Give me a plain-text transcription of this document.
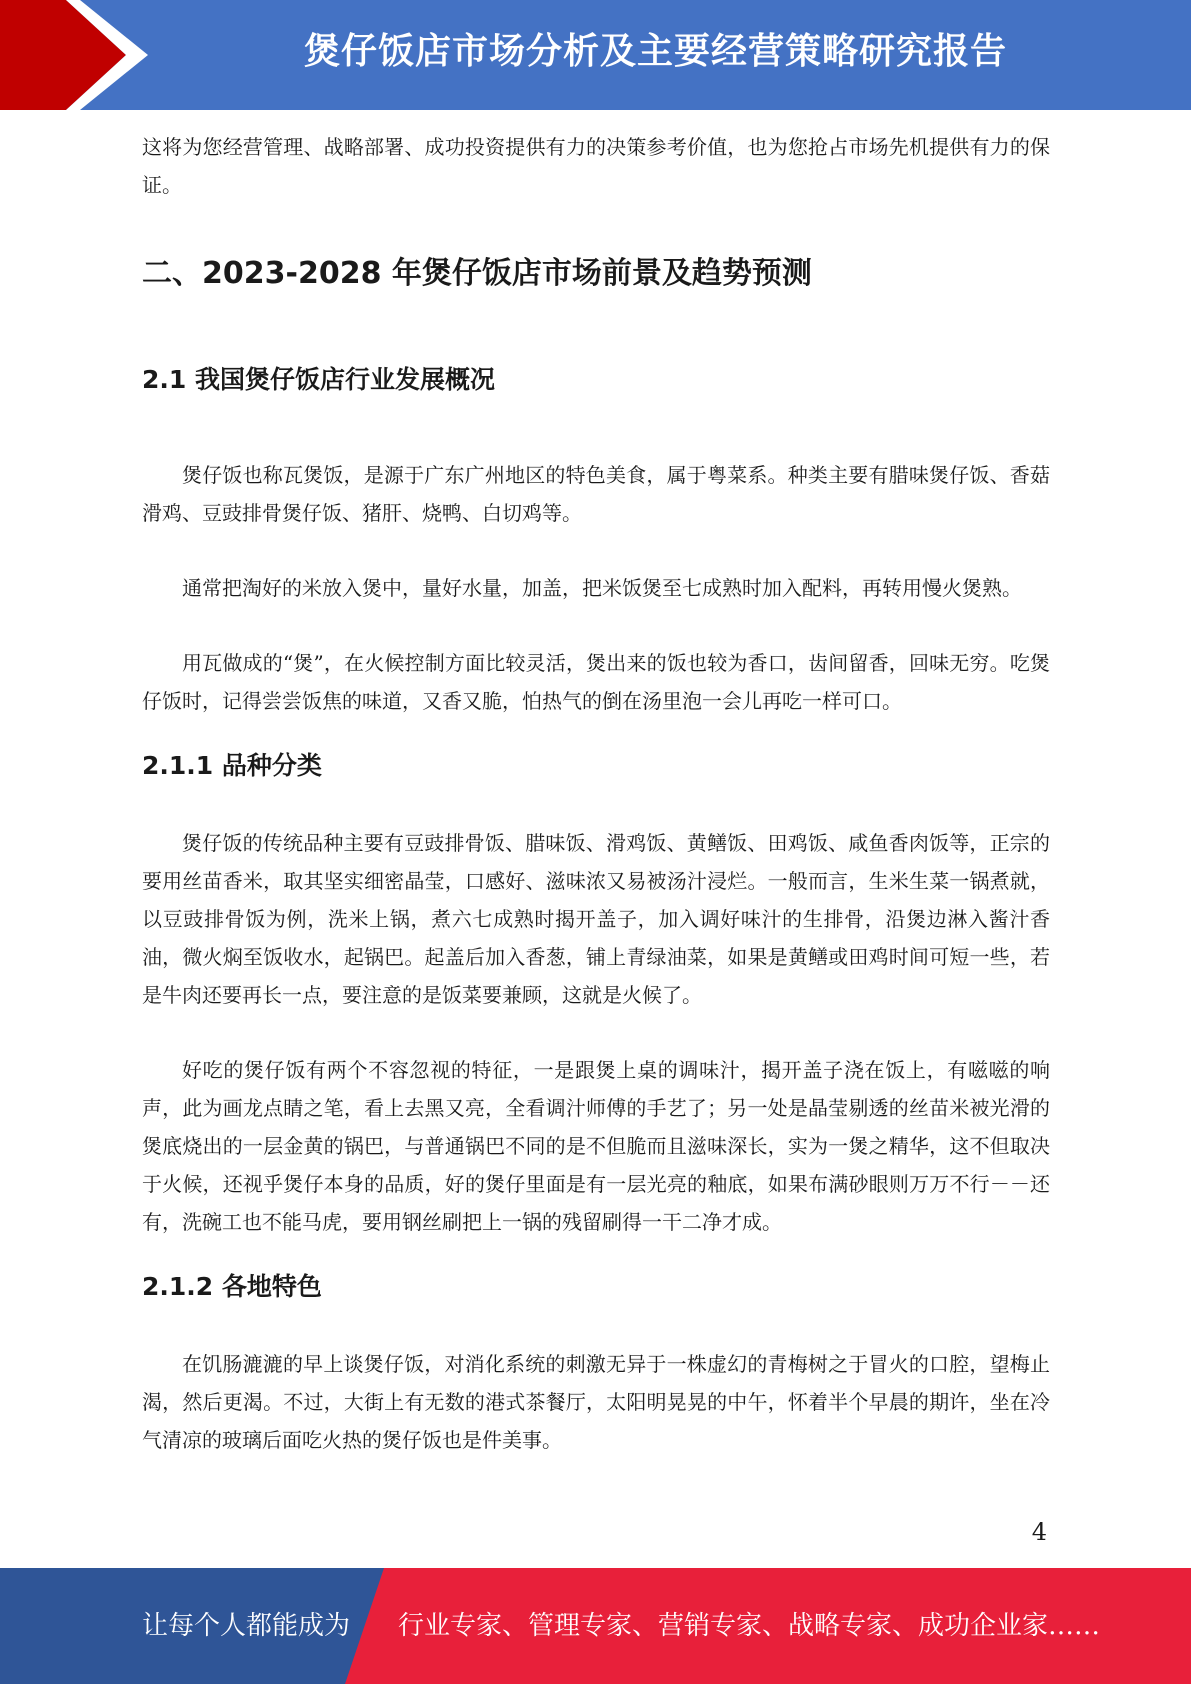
煲仔饭店市场分析及主要经营策略研究报告

这将为您经营管理、战略部署、成功投资提供有力的决策参考价值，也为您抢占市场先机提供有力的保证。

二、2023-2028 年煲仔饭店市场前景及趋势预测
2.1 我国煲仔饭店行业发展概况

煲仔饭也称瓦煲饭，是源于广东广州地区的特色美食，属于粤菜系。种类主要有腊味煲仔饭、香菇滑鸡、豆豉排骨煲仔饭、猪肝、烧鸭、白切鸡等。

通常把淘好的米放入煲中，量好水量，加盖，把米饭煲至七成熟时加入配料，再转用慢火煲熟。

用瓦做成的“煲”，在火候控制方面比较灵活，煲出来的饭也较为香口，齿间留香，回味无穷。吃煲仔饭时，记得尝尝饭焦的味道，又香又脆，怕热气的倒在汤里泡一会儿再吃一样可口。

2.1.1 品种分类

煲仔饭的传统品种主要有豆豉排骨饭、腊味饭、滑鸡饭、黄鳝饭、田鸡饭、咸鱼香肉饭等，正宗的要用丝苗香米，取其坚实细密晶莹，口感好、滋味浓又易被汤汁浸烂。一般而言，生米生菜一锅煮就，以豆豉排骨饭为例，洗米上锅，煮六七成熟时揭开盖子，加入调好味汁的生排骨，沿煲边淋入酱汁香油，微火焖至饭收水，起锅巴。起盖后加入香葱，铺上青绿油菜，如果是黄鳝或田鸡时间可短一些，若是牛肉还要再长一点，要注意的是饭菜要兼顾，这就是火候了。

好吃的煲仔饭有两个不容忽视的特征，一是跟煲上桌的调味汁，揭开盖子浇在饭上，有嗞嗞的响声，此为画龙点睛之笔，看上去黑又亮，全看调汁师傅的手艺了；另一处是晶莹剔透的丝苗米被光滑的煲底烧出的一层金黄的锅巴，与普通锅巴不同的是不但脆而且滋味深长，实为一煲之精华，这不但取决于火候，还视乎煲仔本身的品质，好的煲仔里面是有一层光亮的釉底，如果布满砂眼则万万不行－－还有，洗碗工也不能马虎，要用钢丝刷把上一锅的残留刷得一干二净才成。

2.1.2 各地特色

在饥肠漉漉的早上谈煲仔饭，对消化系统的刺激无异于一株虚幻的青梅树之于冒火的口腔，望梅止渴，然后更渴。不过，大街上有无数的港式茶餐厅，太阳明晃晃的中午，怀着半个早晨的期许，坐在冷气清凉的玻璃后面吃火热的煲仔饭也是件美事。

4
让每个人都能成为 行业专家、管理专家、营销专家、战略专家、成功企业家……
